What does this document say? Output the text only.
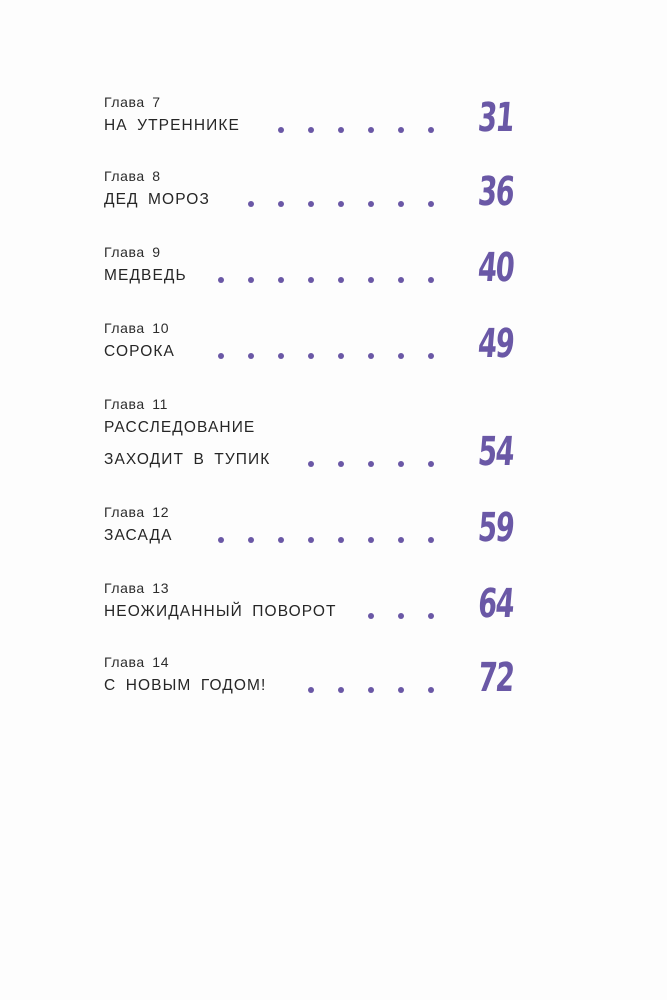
Глава 7
НА УТРЕННИКЕ	31
Глава 8
ДЕД МОРОЗ	36
Глава 9
МЕДВЕДЬ	40
Глава 10
СОРОКА	49
Глава 11
РАССЛЕДОВАНИЕ
ЗАХОДИТ В ТУПИК	54
Глава 12
ЗАСАДА	59
Глава 13
НЕОЖИДАННЫЙ ПОВОРОТ	64
Глава 14
С НОВЫМ ГОДОМ!	72
